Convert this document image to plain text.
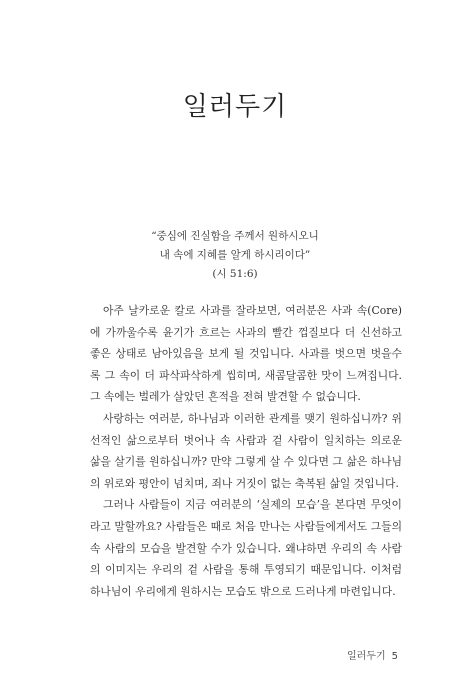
일러두기
“중심에 진실함을 주께서 원하시오니
내 속에 지혜를 알게 하시리이다”
(시 51:6)

아주 날카로운 칼로 사과를 잘라보면, 여러분은 사과 속(Core)에 가까울수록 윤기가 흐르는 사과의 빨간 껍질보다 더 신선하고 좋은 상태로 남아있음을 보게 될 것입니다. 사과를 벗으면 벗을수록 그 속이 더 파삭파삭하게 씹히며, 새콤달콤한 맛이 느껴집니다. 그 속에는 벌레가 살았던 흔적을 전혀 발견할 수 없습니다.

사랑하는 여러분, 하나님과 이러한 관계를 맺기 원하십니까? 위선적인 삶으로부터 벗어나 속 사람과 겉 사람이 일치하는 의로운 삶을 살기를 원하십니까? 만약 그렇게 살 수 있다면 그 삶은 하나님의 위로와 평안이 넘치며, 죄나 거짓이 없는 축복된 삶일 것입니다.

그러나 사람들이 지금 여러분의 ‘실제의 모습’을 본다면 무엇이라고 말할까요? 사람들은 때로 처음 만나는 사람들에게서도 그들의 속 사람의 모습을 발견할 수가 있습니다. 왜냐하면 우리의 속 사람의 이미지는 우리의 겉 사람을 통해 투영되기 때문입니다. 이처럼 하나님이 우리에게 원하시는 모습도 밖으로 드러나게 마련입니다.

일러두기 5
